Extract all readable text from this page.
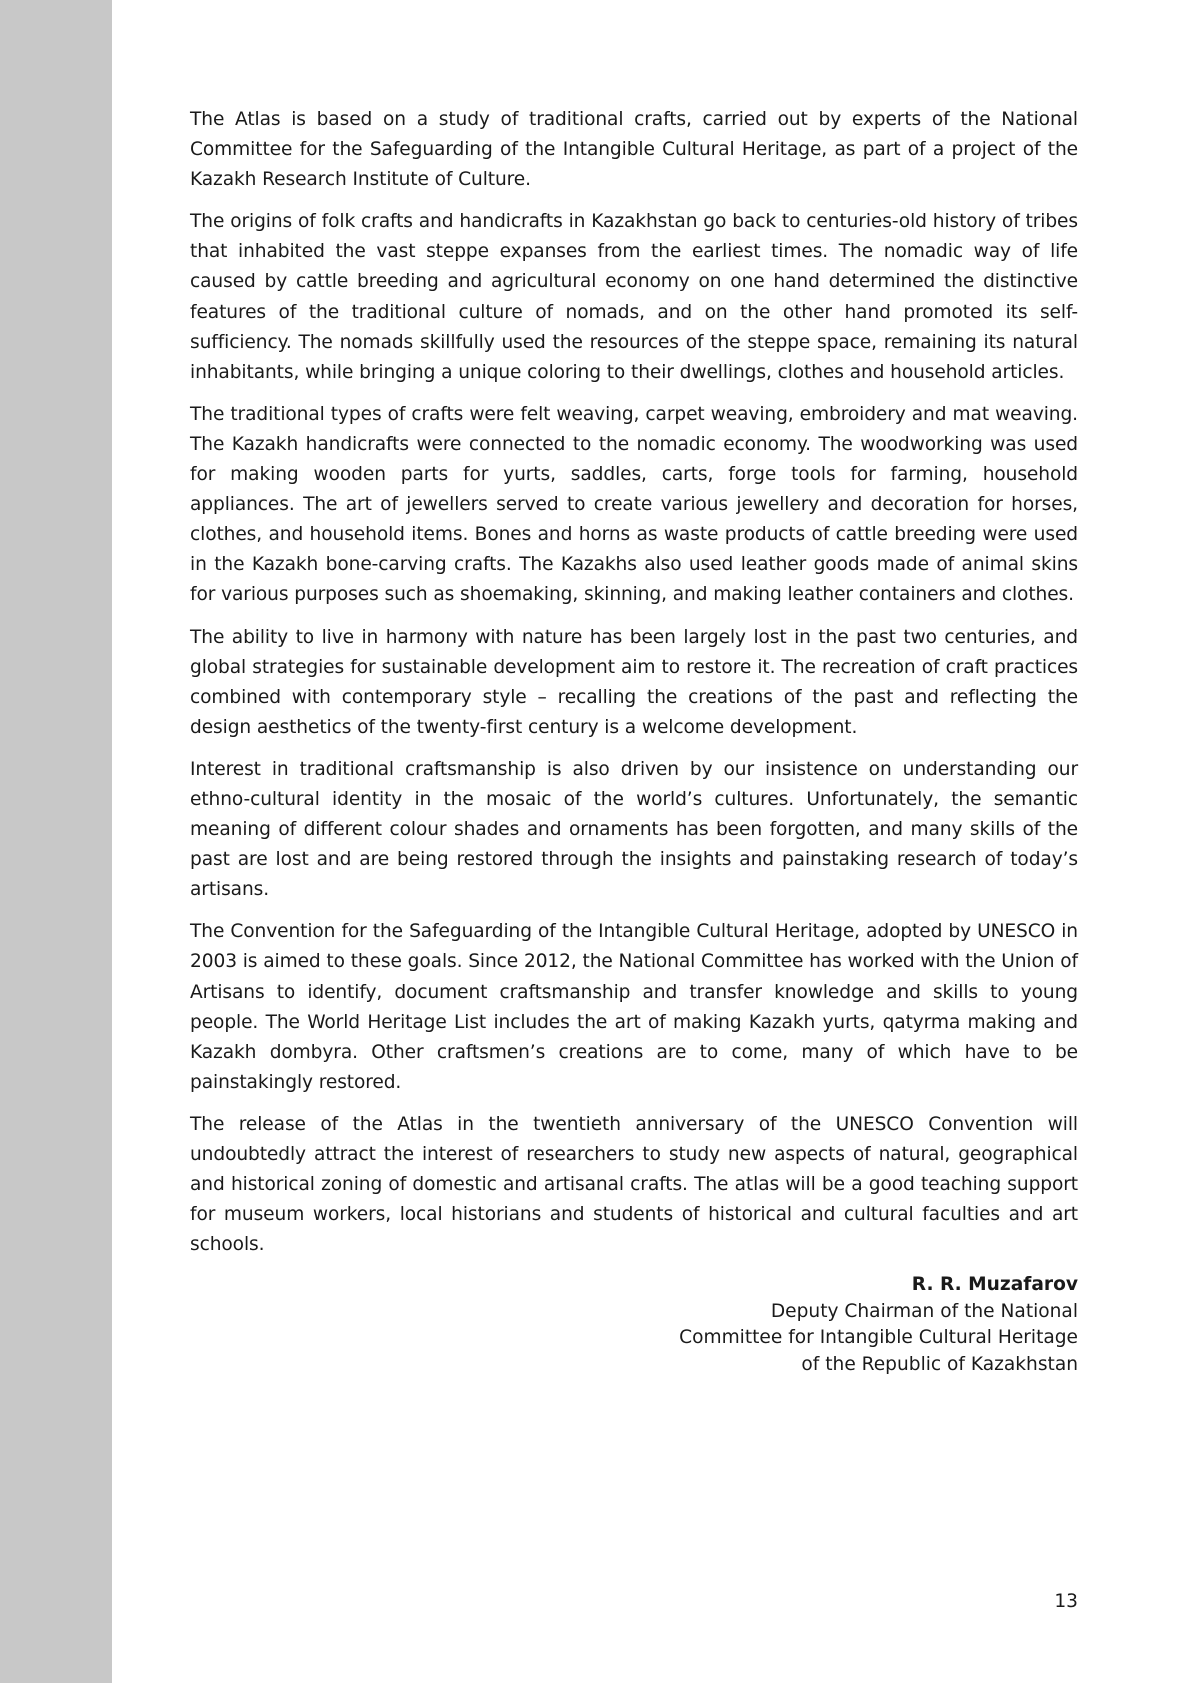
The Atlas is based on a study of traditional crafts, carried out by experts of the National Committee for the Safeguarding of the Intangible Cultural Heritage, as part of a project of the Kazakh Research Institute of Culture.

The origins of folk crafts and handicrafts in Kazakhstan go back to centuries-old history of tribes that inhabited the vast steppe expanses from the earliest times. The nomadic way of life caused by cattle breeding and agricultural economy on one hand determined the distinctive features of the traditional culture of nomads, and on the other hand promoted its self-sufficiency. The nomads skillfully used the resources of the steppe space, remaining its natural inhabitants, while bringing a unique coloring to their dwellings, clothes and household articles.

The traditional types of crafts were felt weaving, carpet weaving, embroidery and mat weaving. The Kazakh handicrafts were connected to the nomadic economy. The woodworking was used for making wooden parts for yurts, saddles, carts, forge tools for farming, household appliances. The art of jewellers served to create various jewellery and decoration for horses, clothes, and household items. Bones and horns as waste products of cattle breeding were used in the Kazakh bone-carving crafts. The Kazakhs also used leather goods made of animal skins for various purposes such as shoemaking, skinning, and making leather containers and clothes.

The ability to live in harmony with nature has been largely lost in the past two centuries, and global strategies for sustainable development aim to restore it. The recreation of craft practices combined with contemporary style – recalling the creations of the past and reflecting the design aesthetics of the twenty-first century is a welcome development.

Interest in traditional craftsmanship is also driven by our insistence on understanding our ethno-cultural identity in the mosaic of the world’s cultures. Unfortunately, the semantic meaning of different colour shades and ornaments has been forgotten, and many skills of the past are lost and are being restored through the insights and painstaking research of today’s artisans.

The Convention for the Safeguarding of the Intangible Cultural Heritage, adopted by UNESCO in 2003 is aimed to these goals. Since 2012, the National Committee has worked with the Union of Artisans to identify, document craftsmanship and transfer knowledge and skills to young people. The World Heritage List includes the art of making Kazakh yurts, qatyrma making and Kazakh dombyra. Other craftsmen’s creations are to come, many of which have to be painstakingly restored.

The release of the Atlas in the twentieth anniversary of the UNESCO Convention will undoubtedly attract the interest of researchers to study new aspects of natural, geographical and historical zoning of domestic and artisanal crafts. The atlas will be a good teaching support for museum workers, local historians and students of historical and cultural faculties and art schools.

R. R. Muzafarov
Deputy Chairman of the National
Committee for Intangible Cultural Heritage
of the Republic of Kazakhstan
13
